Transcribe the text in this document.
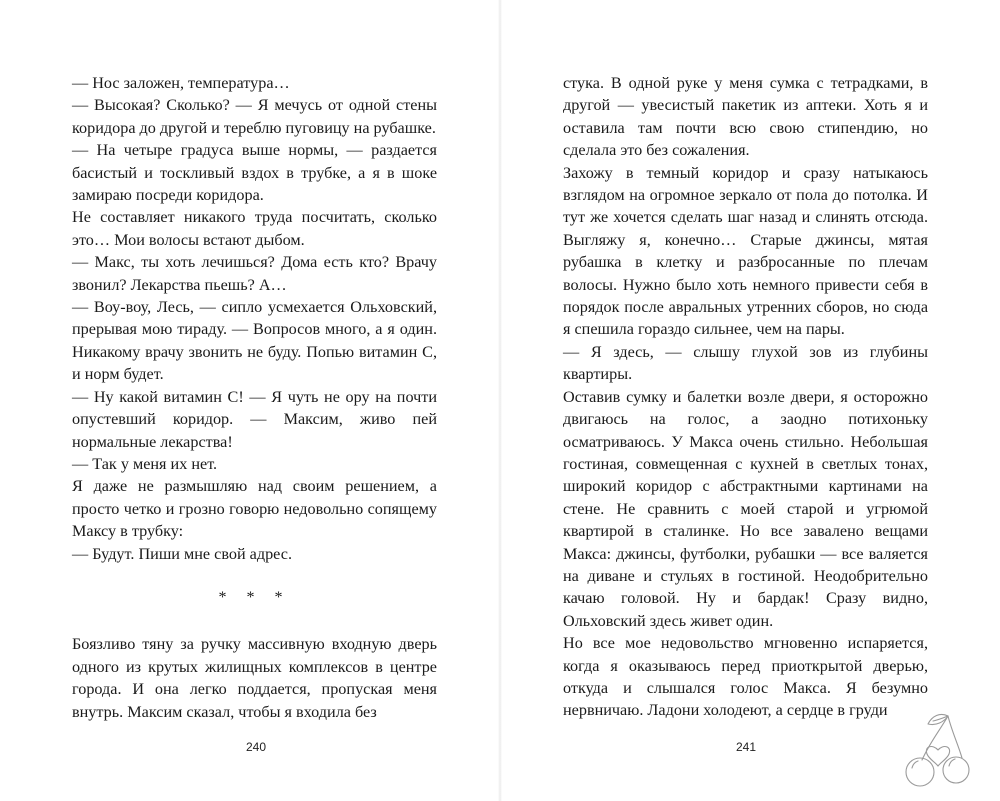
— Нос заложен, температура…

— Высокая? Сколько? — Я мечусь от одной стены коридора до другой и тереблю пуговицу на рубашке.

— На четыре градуса выше нормы, — раздается басистый и тоскливый вздох в трубке, а я в шоке замираю посреди коридора.

Не составляет никакого труда посчитать, сколько это… Мои волосы встают дыбом.

— Макс, ты хоть лечишься? Дома есть кто? Врачу звонил? Лекарства пьешь? А…

— Воу-воу, Лесь, — сипло усмехается Ольховский, прерывая мою тираду. — Вопросов много, а я один. Никакому врачу звонить не буду. Попью витамин С, и норм будет.

— Ну какой витамин С! — Я чуть не ору на почти опустевший коридор. — Максим, живо пей нормальные лекарства!

— Так у меня их нет.

Я даже не размышляю над своим решением, а просто четко и грозно говорю недовольно сопящему Максу в трубку:

— Будут. Пиши мне свой адрес.

* * *

Боязливо тяну за ручку массивную входную дверь одного из крутых жилищных комплексов в центре города. И она легко поддается, пропуская меня внутрь. Максим сказал, чтобы я входила без

240

стука. В одной руке у меня сумка с тетрадками, в другой — увесистый пакетик из аптеки. Хоть я и оставила там почти всю свою стипендию, но сделала это без сожаления.

Захожу в темный коридор и сразу натыкаюсь взглядом на огромное зеркало от пола до потолка. И тут же хочется сделать шаг назад и слинять отсюда. Выгляжу я, конечно… Старые джинсы, мятая рубашка в клетку и разбросанные по плечам волосы. Нужно было хоть немного привести себя в порядок после авральных утренних сборов, но сюда я спешила гораздо сильнее, чем на пары.

— Я здесь, — слышу глухой зов из глубины квартиры.

Оставив сумку и балетки возле двери, я осторожно двигаюсь на голос, а заодно потихоньку осматриваюсь. У Макса очень стильно. Небольшая гостиная, совмещенная с кухней в светлых тонах, широкий коридор с абстрактными картинами на стене. Не сравнить с моей старой и угрюмой квартирой в сталинке. Но все завалено вещами Макса: джинсы, футболки, рубашки — все валяется на диване и стульях в гостиной. Неодобрительно качаю головой. Ну и бардак! Сразу видно, Ольховский здесь живет один.

Но все мое недовольство мгновенно испаряется, когда я оказываюсь перед приоткрытой дверью, откуда и слышался голос Макса. Я безумно нервничаю. Ладони холодеют, а сердце в груди

241
